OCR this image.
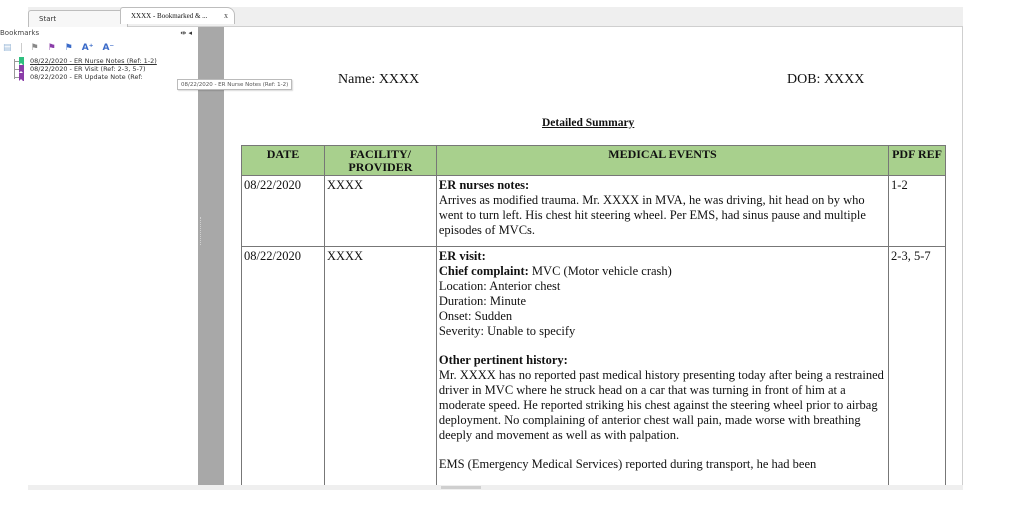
Start	XXXX - Bookmarked & ... x
Bookmarks	⇹ ◂
▤ ⚑ ⚑ ⚑ A⁺ A⁻
08/22/2020 - ER Nurse Notes (Ref: 1-2)
08/22/2020 - ER Visit (Ref: 2-3, 5-7)
08/22/2020 - ER Update Note (Ref:
08/22/2020 - ER Nurse Notes (Ref: 1-2)	Name: XXXX	DOB: XXXX
Detailed Summary
DATE	FACILITY/ PROVIDER	MEDICAL EVENTS	PDF REF
08/22/2020	XXXX	ER nurses notes:
Arrives as modified trauma. Mr. XXXX in MVA, he was driving, hit head on by who went to turn left. His chest hit steering wheel. Per EMS, had sinus pause and multiple episodes of MVCs.	1-2
08/22/2020	XXXX	ER visit:
Chief complaint: MVC (Motor vehicle crash)
Location: Anterior chest
Duration: Minute
Onset: Sudden
Severity: Unable to specify
Other pertinent history:
Mr. XXXX has no reported past medical history presenting today after being a restrained driver in MVC where he struck head on a car that was turning in front of him at a moderate speed. He reported striking his chest against the steering wheel prior to airbag deployment. No complaining of anterior chest wall pain, made worse with breathing deeply and movement as well as with palpation.
EMS (Emergency Medical Services) reported during transport, he had been

	2-3, 5-7
